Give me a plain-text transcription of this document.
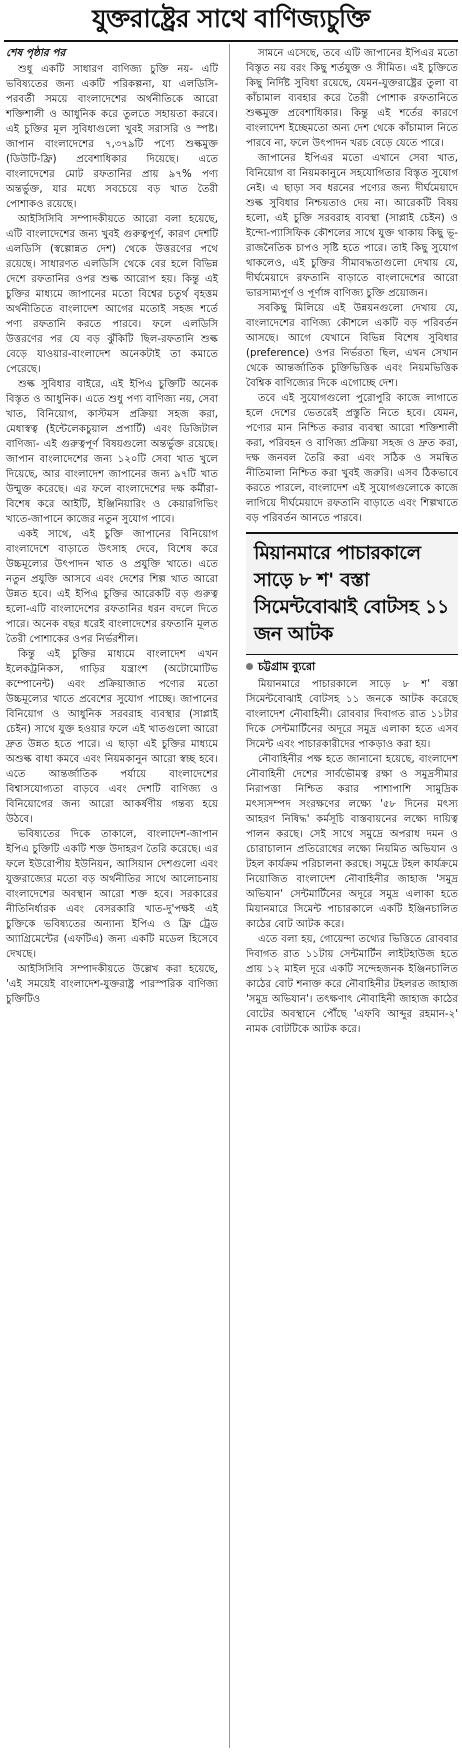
যুক্তরাষ্ট্রের সাথে বাণিজ্যচুক্তি
শেষ পৃষ্ঠার পর

শুধু একটি সাধারণ বাণিজ্য চুক্তি নয়- এটি ভবিষ্যতের জন্য একটি পরিকল্পনা, যা এলডিসি-পরবর্তী সময়ে বাংলাদেশের অর্থনীতিকে আরো শক্তিশালী ও আধুনিক করে তুলতে সহায়তা করবে। এই চুক্তির মূল সুবিধাগুলো খুবই সরাসরি ও স্পষ্ট। জাপান বাংলাদেশের ৭,৩৭৯টি পণ্যে শুল্কমুক্ত (ডিউটি-ফ্রি) প্রবেশাধিকার দিয়েছে। এতে বাংলাদেশের মোট রফতানির প্রায় ৯৭% পণ্য অন্তর্ভুক্ত, যার মধ্যে সবচেয়ে বড় খাত তৈরী পোশাকও রয়েছে।

আইসিসিবি সম্পাদকীয়তে আরো বলা হয়েছে, এটি বাংলাদেশের জন্য খুবই গুরুত্বপূর্ণ, কারণ দেশটি এলডিসি (স্বল্পোন্নত দেশ) থেকে উত্তরণের পথে রয়েছে। সাধারণত এলডিসি থেকে বের হলে বিভিন্ন দেশে রফতানির ওপর শুল্ক আরোপ হয়। কিন্তু এই চুক্তির মাধ্যমে জাপানের মতো বিশ্বের চতুর্থ বৃহত্তম অর্থনীতিতে বাংলাদেশ আগের মতোই সহজ শর্তে পণ্য রফতানি করতে পারবে। ফলে এলডিসি উত্তরণের পর যে বড় ঝুঁকিটি ছিল-রফতানি শুল্ক বেড়ে যাওয়ার-বাংলাদেশ অনেকটাই তা কমাতে পেরেছে।

শুল্ক সুবিধার বাইরে, এই ইপিএ চুক্তিটি অনেক বিস্তৃত ও আধুনিক। এতে শুধু পণ্য বাণিজ্য নয়, সেবা খাত, বিনিয়োগ, কাস্টমস প্রক্রিয়া সহজ করা, মেধাস্বত্ব (ইন্টেলেকচুয়াল প্রপার্টি) এবং ডিজিটাল বাণিজ্য- এই গুরুত্বপূর্ণ বিষয়গুলো অন্তর্ভুক্ত রয়েছে। জাপান বাংলাদেশের জন্য ১২০টি সেবা খাত খুলে দিয়েছে, আর বাংলাদেশ জাপানের জন্য ৯৭টি খাত উন্মুক্ত করেছে। এর ফলে বাংলাদেশের দক্ষ কর্মীরা-বিশেষ করে আইটি, ইঞ্জিনিয়ারিং ও কেয়ারগিভিং খাতে-জাপানে কাজের নতুন সুযোগ পাবে।

একই সাথে, এই চুক্তি জাপানের বিনিয়োগ বাংলাদেশে বাড়াতে উৎসাহ দেবে, বিশেষ করে উচ্চমূল্যের উৎপাদন খাত ও প্রযুক্তি খাতে। এতে নতুন প্রযুক্তি আসবে এবং দেশের শিল্প খাত আরো উন্নত হবে। এই ইপিএ চুক্তির আরেকটি বড় গুরুত্ব হলো-এটি বাংলাদেশের রফতানির ধরন বদলে দিতে পারে। অনেক বছর ধরেই বাংলাদেশের রফতানি মূলত তৈরী পোশাকের ওপর নির্ভরশীল।

কিন্তু এই চুক্তির মাধ্যমে বাংলাদেশ এখন ইলেকট্রনিকস, গাড়ির যন্ত্রাংশ (অটোমোটিভ কম্পোনেন্ট) এবং প্রক্রিয়াজাত পণ্যের মতো উচ্চমূল্যের খাতে প্রবেশের সুযোগ পাচ্ছে। জাপানের বিনিয়োগ ও আধুনিক সরবরাহ ব্যবস্থার (সাপ্লাই চেইন) সাথে যুক্ত হওয়ার ফলে এই খাতগুলো আরো দ্রুত উন্নত হতে পারে। এ ছাড়া এই চুক্তির মাধ্যমে অশুল্ক বাধা কমবে এবং নিয়মকানুন আরো স্বচ্ছ হবে। এতে আন্তর্জাতিক পর্যায়ে বাংলাদেশের বিশ্বাসযোগ্যতা বাড়বে এবং দেশটি বাণিজ্য ও বিনিয়োগের জন্য আরো আকর্ষণীয় গন্তব্য হয়ে উঠবে।

ভবিষ্যতের দিকে তাকালে, বাংলাদেশ-জাপান ইপিএ চুক্তিটি একটি শক্ত উদাহরণ তৈরি করেছে। এর ফলে ইউরোপীয় ইউনিয়ন, আসিয়ান দেশগুলো এবং যুক্তরাজ্যের মতো বড় অর্থনীতির সাথে আলোচনায় বাংলাদেশের অবস্থান আরো শক্ত হবে। সরকারের নীতিনির্ধারক এবং বেসরকারি খাত-দু'পক্ষই এই চুক্তিকে ভবিষ্যতের অন্যান্য ইপিএ ও ফ্রি ট্রেড অ্যাগ্রিমেন্টের (এফটিএ) জন্য একটি মডেল হিসেবে দেখছে।

আইসিসিবি সম্পাদকীয়তে উল্লেখ করা হয়েছে, 'এই সময়েই বাংলাদেশ-যুক্তরাষ্ট্র পারস্পরিক বাণিজ্য চুক্তিটিও

সামনে এসেছে, তবে এটি জাপানের ইপিএর মতো বিস্তৃত নয় বরং কিছু শর্তযুক্ত ও সীমিত। এই চুক্তিতে কিছু নির্দিষ্ট সুবিধা রয়েছে, যেমন-যুক্তরাষ্ট্রের তুলা বা কাঁচামাল ব্যবহার করে তৈরী পোশাক রফতানিতে শুল্কমুক্ত প্রবেশাধিকার। কিন্তু এই শর্তের কারণে বাংলাদেশ ইচ্ছেমতো অন্য দেশ থেকে কাঁচামাল নিতে পারবে না, ফলে উৎপাদন খরচ বেড়ে যেতে পারে।

জাপানের ইপিএর মতো এখানে সেবা খাত, বিনিয়োগ বা নিয়মকানুনে সহযোগিতার বিস্তৃত সুযোগ নেই। এ ছাড়া সব ধরনের পণ্যের জন্য দীর্ঘমেয়াদে শুল্ক সুবিধার নিশ্চয়তাও দেয় না। আরেকটি বিষয় হলো, এই চুক্তি সরবরাহ ব্যবস্থা (সাপ্লাই চেইন) ও ইন্দো-প্যাসিফিক কৌশলের সাথে যুক্ত থাকায় কিছু ভূ-রাজনৈতিক চাপও সৃষ্টি হতে পারে। তাই কিছু সুযোগ থাকলেও, এই চুক্তির সীমাবদ্ধতাগুলো দেখায় যে, দীর্ঘমেয়াদে রফতানি বাড়াতে বাংলাদেশের আরো ভারসাম্যপূর্ণ ও পূর্ণাঙ্গ বাণিজ্য চুক্তি প্রয়োজন।

সবকিছু মিলিয়ে এই উন্নয়নগুলো দেখায় যে, বাংলাদেশের বাণিজ্য কৌশলে একটি বড় পরিবর্তন আসছে। আগে যেখানে বিভিন্ন বিশেষ সুবিধার (preference) ওপর নির্ভরতা ছিল, এখন সেখান থেকে আন্তর্জাতিক চুক্তিভিত্তিক এবং নিয়মভিত্তিক বৈশ্বিক বাণিজ্যের দিকে এগোচ্ছে দেশ।

তবে এই সুযোগগুলো পুরোপুরি কাজে লাগাতে হলে দেশের ভেতরেই প্রস্তুতি নিতে হবে। যেমন, পণ্যের মান নিশ্চিত করার ব্যবস্থা আরো শক্তিশালী করা, পরিবহন ও বাণিজ্য প্রক্রিয়া সহজ ও দ্রুত করা, দক্ষ জনবল তৈরি করা এবং সঠিক ও সমন্বিত নীতিমালা নিশ্চিত করা খুবই জরুরি। এসব ঠিকভাবে করতে পারলে, বাংলাদেশ এই সুযোগগুলোকে কাজে লাগিয়ে দীর্ঘমেয়াদে রফতানি বাড়াতে এবং শিল্পখাতে বড় পরিবর্তন আনতে পারবে।

মিয়ানমারে পাচারকালে সাড়ে ৮ শ' বস্তা সিমেন্টবোঝাই বোটসহ ১১ জন আটক
চট্টগ্রাম ব্যুরো

মিয়ানমারে পাচারকালে সাড়ে ৮ শ' বস্তা সিমেন্টবোঝাই বোটসহ ১১ জনকে আটক করেছে বাংলাদেশ নৌবাহিনী। রোববার দিবাগত রাত ১১টার দিকে সেন্টমার্টিনের অদূরে সমুদ্র এলাকা হতে এসব সিমেন্ট এবং পাচারকারীদের পাকড়াও করা হয়।

নৌবাহিনীর পক্ষ হতে জানানো হয়েছে, বাংলাদেশ নৌবাহিনী দেশের সার্বভৌমত্ব রক্ষা ও সমুদ্রসীমার নিরাপত্তা নিশ্চিত করার পাশাপাশি সামুদ্রিক মৎস্যসম্পদ সংরক্ষণের লক্ষ্যে '৫৮ দিনের মৎস্য আহরণ নিষিদ্ধ' কর্মসূচি বাস্তবায়নের লক্ষ্যে দায়িত্ব পালন করছে। সেই সাথে সমুদ্রে অপরাধ দমন ও চোরাচালান প্রতিরোধের লক্ষ্যে নিয়মিত অভিযান ও টহল কার্যক্রম পরিচালনা করছে। সমুদ্রে টহল কার্যক্রমে নিয়োজিত বাংলাদেশ নৌবাহিনীর জাহাজ 'সমুদ্র অভিযান' সেন্টমার্টিনের অদূরে সমুদ্র এলাকা হতে মিয়ানমারে সিমেন্ট পাচারকালে একটি ইঞ্জিনচালিত কাঠের বোট আটক করে।

এতে বলা হয়, গোয়েন্দা তথ্যের ভিত্তিতে রোববার দিবাগত রাত ১১টায় সেন্টমার্টিন লাইটহাউজ হতে প্রায় ১২ মাইল দূরে একটি সন্দেহজনক ইঞ্জিনচালিত কাঠের বোট শনাক্ত করে নৌবাহিনীর টহলরত জাহাজ 'সমুদ্র অভিযান'। তৎক্ষণাৎ নৌবাহিনী জাহাজ কাঠের বোটের অবস্থানে পৌঁছে 'এফবি আব্দুর রহমান-২' নামক বোটটিকে আটক করে।
